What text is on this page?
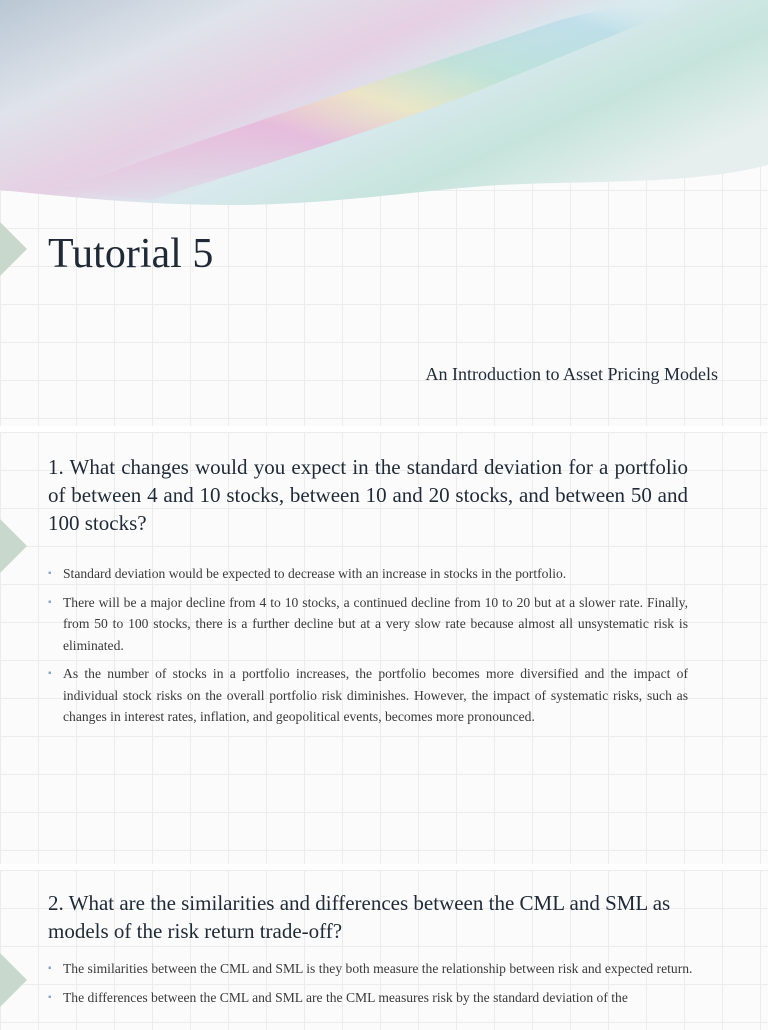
Tutorial 5

An Introduction to Asset Pricing Models

1. What changes would you expect in the standard deviation for a portfolio of between 4 and 10 stocks, between 10 and 20 stocks, and between 50 and 100 stocks?

▪ Standard deviation would be expected to decrease with an increase in stocks in the portfolio.
▪ There will be a major decline from 4 to 10 stocks, a continued decline from 10 to 20 but at a slower rate. Finally, from 50 to 100 stocks, there is a further decline but at a very slow rate because almost all unsystematic risk is eliminated.
▪ As the number of stocks in a portfolio increases, the portfolio becomes more diversified and the impact of individual stock risks on the overall portfolio risk diminishes. However, the impact of systematic risks, such as changes in interest rates, inflation, and geopolitical events, becomes more pronounced.

2. What are the similarities and differences between the CML and SML as models of the risk return trade-off?

▪ The similarities between the CML and SML is they both measure the relationship between risk and expected return.
▪ The differences between the CML and SML are the CML measures risk by the standard deviation of the
